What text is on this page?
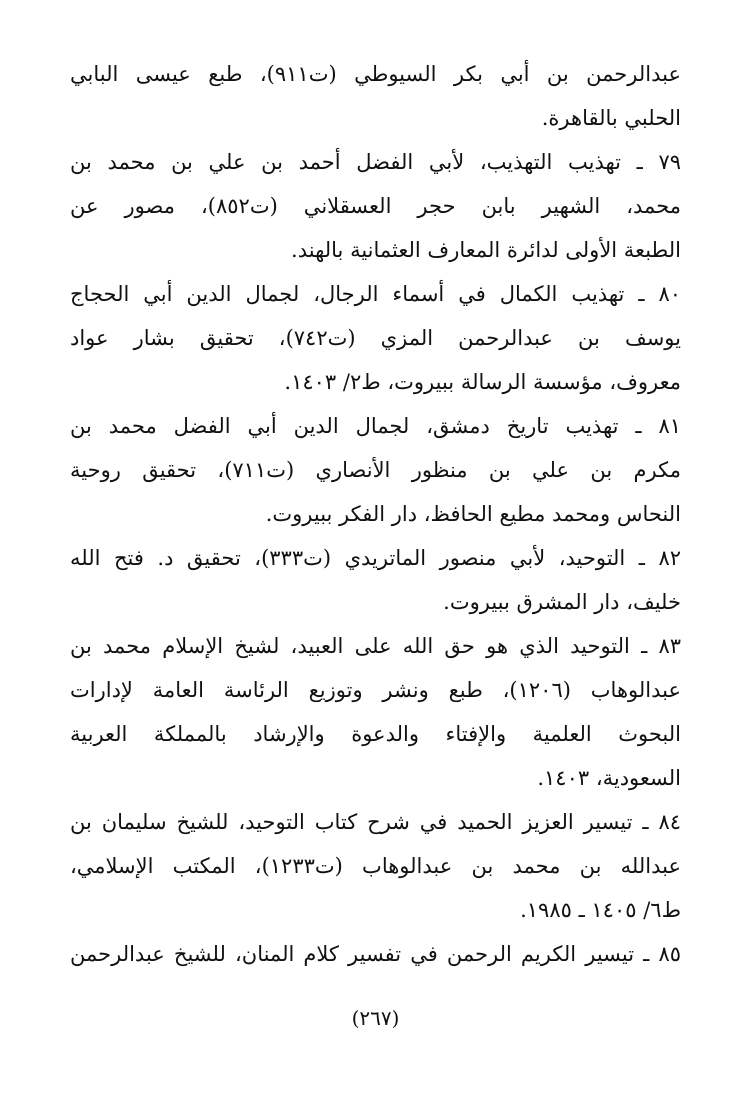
عبدالرحمن بن أبي بكر السيوطي (ت٩١١)، طبع عيسى البابي
الحلبي بالقاهرة.
٧٩ ـ تهذيب التهذيب، لأبي الفضل أحمد بن علي بن محمد بن
محمد، الشهير بابن حجر العسقلاني (ت٨٥٢)، مصور عن
الطبعة الأولى لدائرة المعارف العثمانية بالهند.
٨٠ ـ تهذيب الكمال في أسماء الرجال، لجمال الدين أبي الحجاج
يوسف بن عبدالرحمن المزي (ت٧٤٢)، تحقيق بشار عواد
معروف، مؤسسة الرسالة ببيروت، ط٢/ ١٤٠٣.
٨١ ـ تهذيب تاريخ دمشق، لجمال الدين أبي الفضل محمد بن
مكرم بن علي بن منظور الأنصاري (ت٧١١)، تحقيق روحية
النحاس ومحمد مطيع الحافظ، دار الفكر ببيروت.
٨٢ ـ التوحيد، لأبي منصور الماتريدي (ت٣٣٣)، تحقيق د. فتح الله
خليف، دار المشرق ببيروت.
٨٣ ـ التوحيد الذي هو حق الله على العبيد، لشيخ الإسلام محمد بن
عبدالوهاب (١٢٠٦)، طبع ونشر وتوزيع الرئاسة العامة لإدارات
البحوث العلمية والإفتاء والدعوة والإرشاد بالمملكة العربية
السعودية، ١٤٠٣.
٨٤ ـ تيسير العزيز الحميد في شرح كتاب التوحيد، للشيخ سليمان بن
عبدالله بن محمد بن عبدالوهاب (ت١٢٣٣)، المكتب الإسلامي،
ط٦/ ١٤٠٥ ـ ١٩٨٥.
٨٥ ـ تيسير الكريم الرحمن في تفسير كلام المنان، للشيخ عبدالرحمن
(٢٦٧)
